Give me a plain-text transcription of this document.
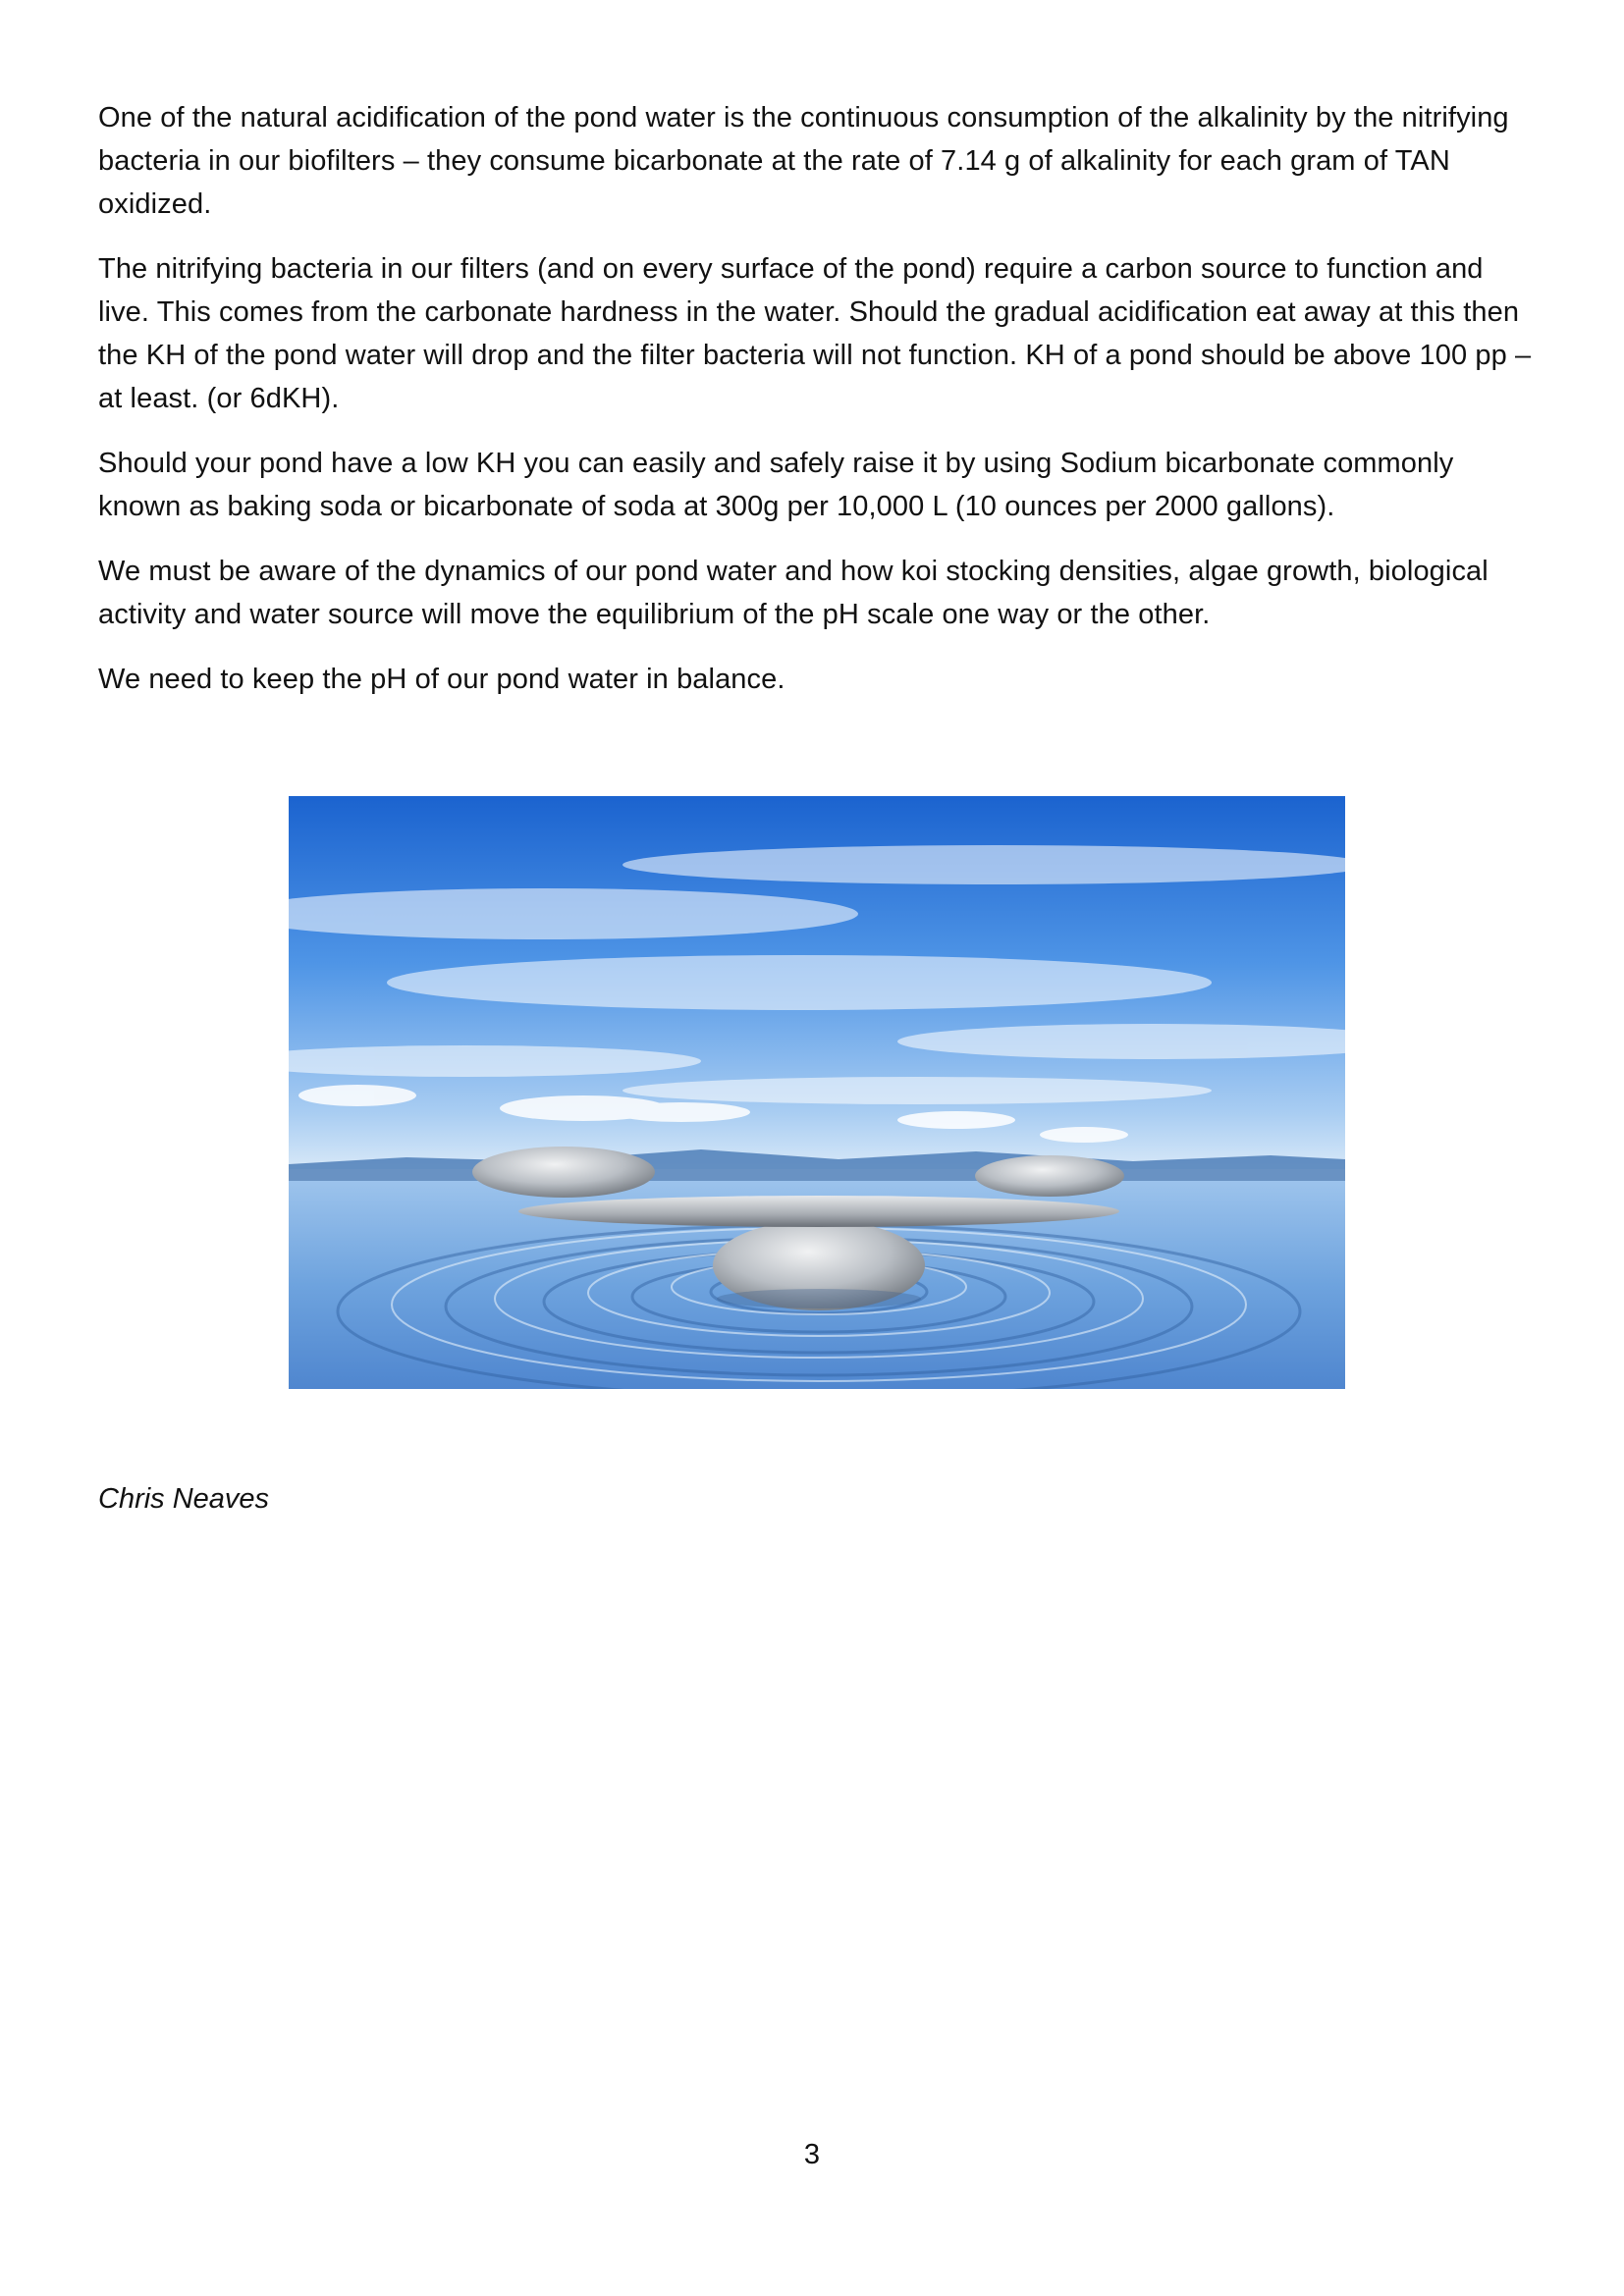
One of the natural acidification of the pond water is the continuous consumption of the alkalinity by the nitrifying bacteria in our biofilters – they consume bicarbonate at the rate of 7.14 g of alkalinity for each gram of TAN oxidized.

The nitrifying bacteria in our filters (and on every surface of the pond) require a carbon source to function and live. This comes from the carbonate hardness in the water. Should the gradual acidification eat away at this then the KH of the pond water will drop and the filter bacteria will not function. KH of a pond should be above 100 pp – at least. (or 6dKH).

Should your pond have a low KH you can easily and safely raise it by using Sodium bicarbonate commonly known as baking soda or bicarbonate of soda at 300g per 10,000 L (10 ounces per 2000 gallons).

We must be aware of the dynamics of our pond water and how koi stocking densities, algae growth, biological activity and water source will move the equilibrium of the pH scale one way or the other.

We need to keep the pH of our pond water in balance.

Chris Neaves
3
